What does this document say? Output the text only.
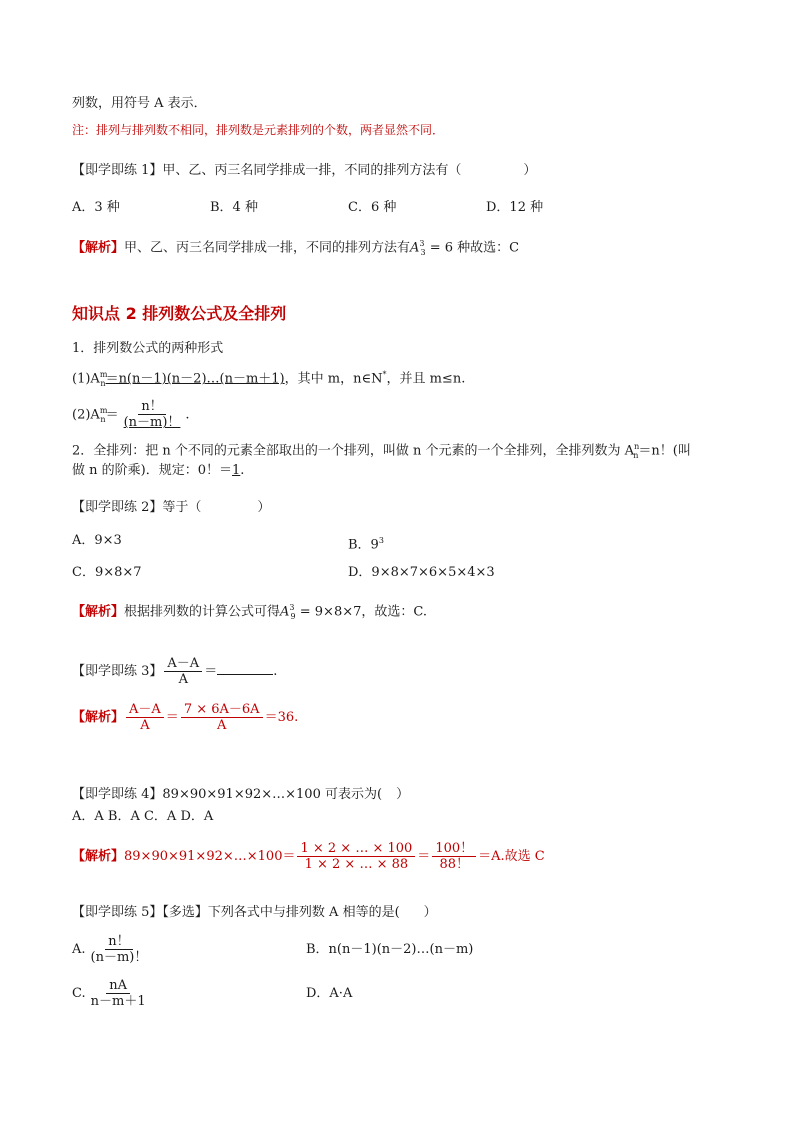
列数，用符号 A 表示．
注：排列与排列数不相同，排列数是元素排列的个数，两者显然不同．
【即学即练 1】甲、乙、丙三名同学排成一排，不同的排列方法有（	）
A．3 种	B．4 种	C．6 种	D．12 种
【解析】甲、乙、丙三名同学排成一排，不同的排列方法有$A^3_3 = 6$ 种故选：C
知识点 2 排列数公式及全排列
1．排列数公式的两种形式
$(1)A^m_n=n(n-1)(n-2)\dots(n-m+1)$，其中 m，n∈N*，并且 m≤n.
$(2)A^m_n= \frac{n!}{(n-m)!}$ .
2．全排列：把 n 个不同的元素全部取出的一个排列，叫做 n 个元素的一个全排列，全排列数为 $A^n_n=n$！(叫
做 n 的阶乘)．规定：0！＝1.
【即学即练 2】等于（	）
A．9×3	B．$9^3$
C．9×8×7	D．9×8×7×6×5×4×3
【解析】根据排列数的计算公式可得$A^3_9 = 9\times 8\times 7$，故选：C.
【即学即练 3】 $\frac{A-A}{A}$ ＝	.
【解析】 $\frac{A-A}{A} = \frac{7 \times 6A-6A}{A} =36$.
【即学即练 4】89×90×91×92×…×100 可表示为( ）
A．A B．A C．A D．A
【解析】89×90×91×92×…×100＝ $\frac{1 \times 2 \times \dots \times 100}{1 \times 2 \times \dots \times 88} = \frac{100!}{88!} =A$.故选 C
【即学即练 5】【多选】下列各式中与排列数 A 相等的是( ）
A. $\frac{n!}{(n-m)!}$	B．n(n－1)(n－2)…(n－m)
C. $\frac{nA}{n-m+1}$	D．A·A
